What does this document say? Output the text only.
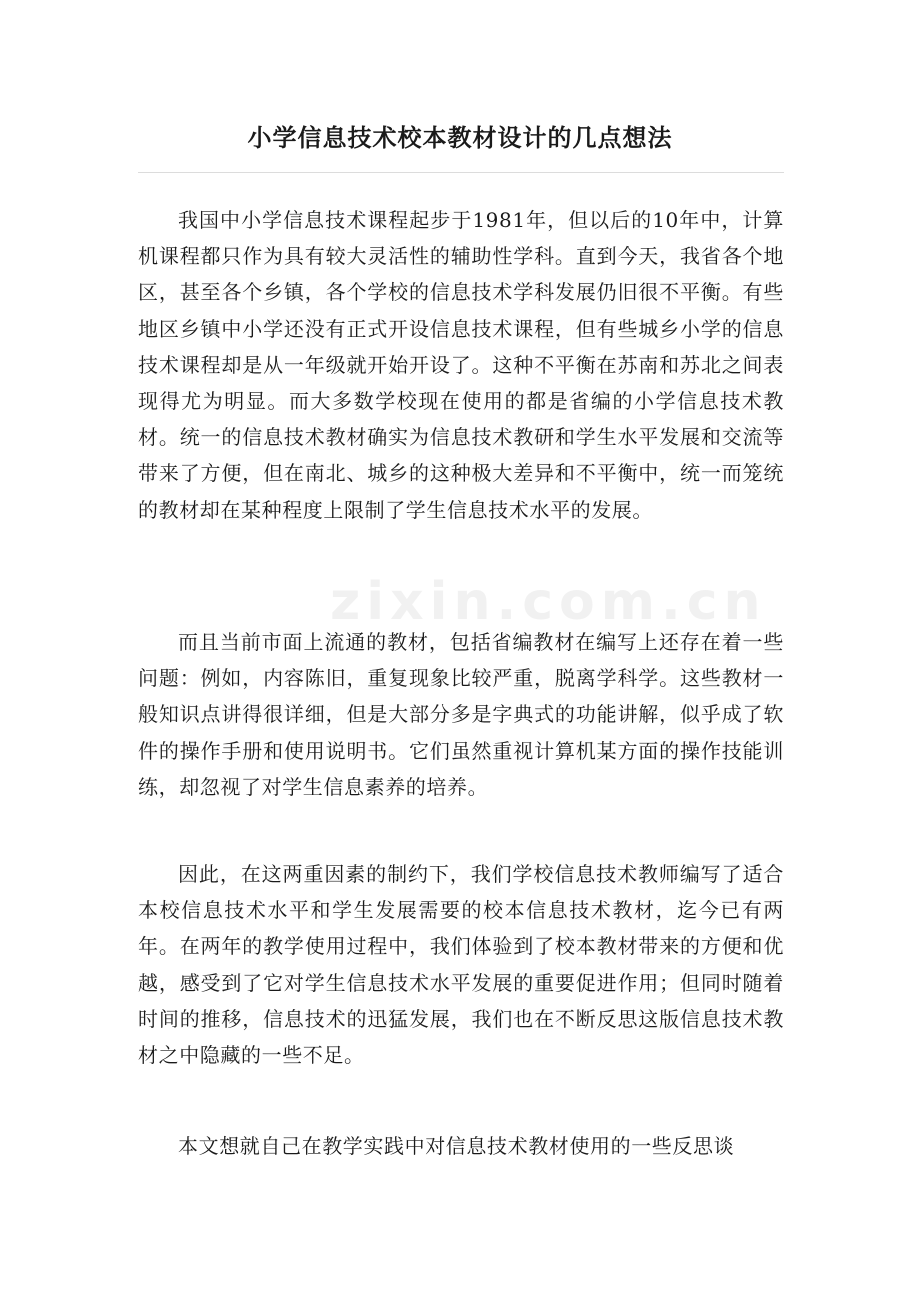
小学信息技术校本教材设计的几点想法

我国中小学信息技术课程起步于1981年，但以后的10年中，计算机课程都只作为具有较大灵活性的辅助性学科。直到今天，我省各个地区，甚至各个乡镇，各个学校的信息技术学科发展仍旧很不平衡。有些地区乡镇中小学还没有正式开设信息技术课程，但有些城乡小学的信息技术课程却是从一年级就开始开设了。这种不平衡在苏南和苏北之间表现得尤为明显。而大多数学校现在使用的都是省编的小学信息技术教材。统一的信息技术教材确实为信息技术教研和学生水平发展和交流等带来了方便，但在南北、城乡的这种极大差异和不平衡中，统一而笼统的教材却在某种程度上限制了学生信息技术水平的发展。

而且当前市面上流通的教材，包括省编教材在编写上还存在着一些问题：例如，内容陈旧，重复现象比较严重，脱离学科学。这些教材一般知识点讲得很详细，但是大部分多是字典式的功能讲解，似乎成了软件的操作手册和使用说明书。它们虽然重视计算机某方面的操作技能训练，却忽视了对学生信息素养的培养。

因此，在这两重因素的制约下，我们学校信息技术教师编写了适合本校信息技术水平和学生发展需要的校本信息技术教材，迄今已有两年。在两年的教学使用过程中，我们体验到了校本教材带来的方便和优越，感受到了它对学生信息技术水平发展的重要促进作用；但同时随着时间的推移，信息技术的迅猛发展，我们也在不断反思这版信息技术教材之中隐藏的一些不足。

本文想就自己在教学实践中对信息技术教材使用的一些反思谈

zixin.com.cn
